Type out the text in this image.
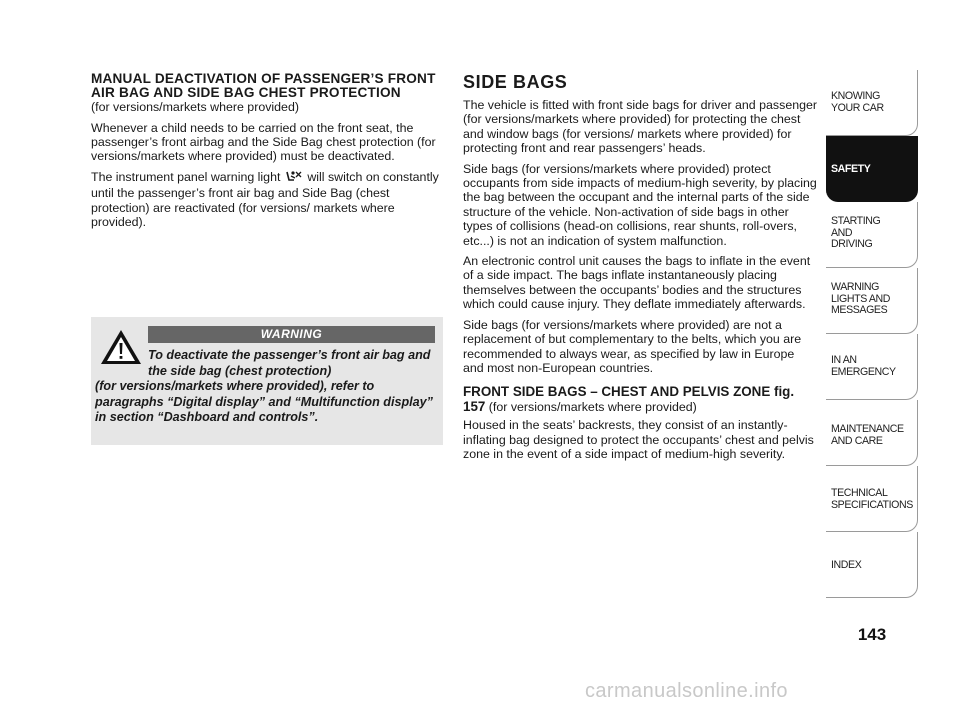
MANUAL DEACTIVATION OF PASSENGER’S FRONT AIR BAG AND SIDE BAG CHEST PROTECTION

(for versions/markets where provided)

Whenever a child needs to be carried on the front seat, the passenger’s front airbag and the Side Bag chest protection (for versions/markets where provided) must be deactivated.

The instrument panel warning light will switch on constantly until the passenger’s front air bag and Side Bag (chest protection) are reactivated (for versions/ markets where provided).

WARNING
To deactivate the passenger’s front air bag and the side bag (chest protection)
(for versions/markets where provided), refer to paragraphs “Digital display” and “Multifunction display” in section “Dashboard and controls”.

SIDE BAGS

The vehicle is fitted with front side bags for driver and passenger (for versions/markets where provided) for protecting the chest and window bags (for versions/ markets where provided) for protecting front and rear passengers’ heads.

Side bags (for versions/markets where provided) protect occupants from side impacts of medium-high severity, by placing the bag between the occupant and the internal parts of the side structure of the vehicle. Non-activation of side bags in other types of collisions (head-on collisions, rear shunts, roll-overs, etc...) is not an indication of system malfunction.

An electronic control unit causes the bags to inflate in the event of a side impact. The bags inflate instantaneously placing themselves between the occupants’ bodies and the structures which could cause injury. They deflate immediately afterwards.

Side bags (for versions/markets where provided) are not a replacement of but complementary to the belts, which you are recommended to always wear, as specified by law in Europe and most non-European countries.

FRONT SIDE BAGS – CHEST AND PELVIS ZONE fig. 157 (for versions/markets where provided)

Housed in the seats’ backrests, they consist of an instantly-inflating bag designed to protect the occupants’ chest and pelvis zone in the event of a side impact of medium-high severity.

KNOWING
YOUR CAR
SAFETY
STARTING
AND
DRIVING
WARNING
LIGHTS AND
MESSAGES
IN AN
EMERGENCY
MAINTENANCE
AND CARE
TECHNICAL
SPECIFICATIONS
INDEX
143
carmanualsonline.info
